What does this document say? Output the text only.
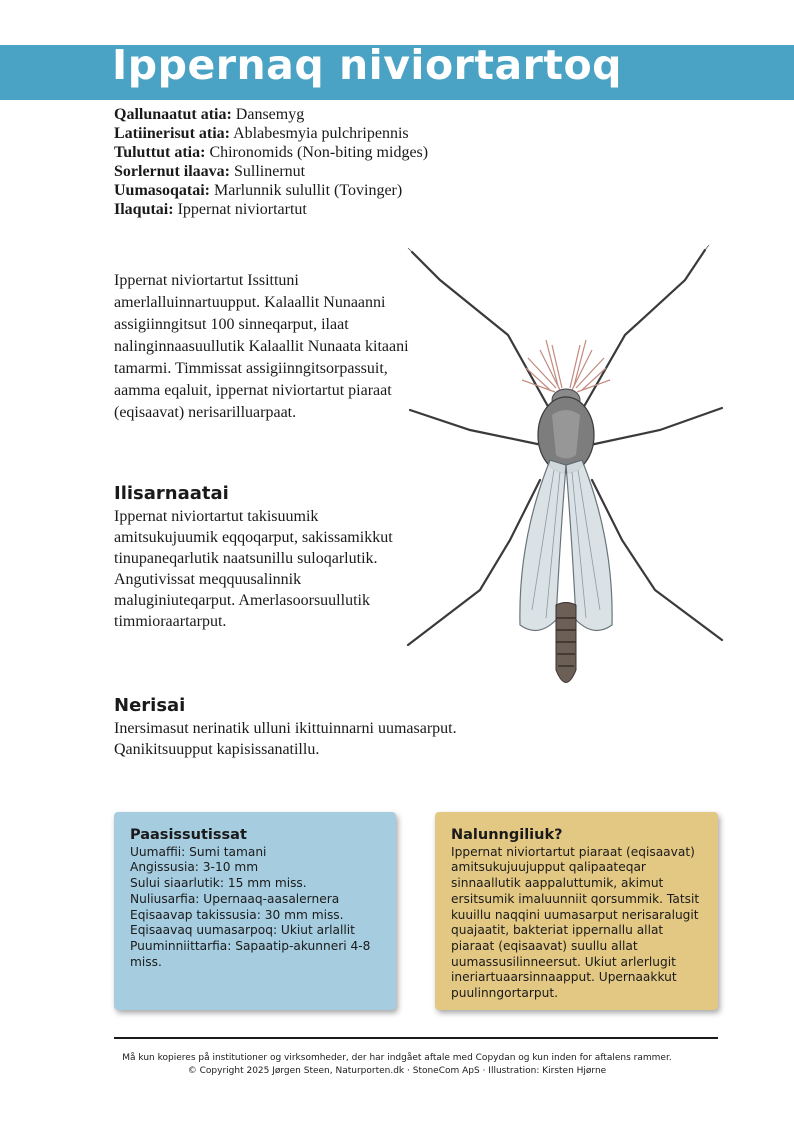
Ippernaq niviortartoq
Qallunaatut atia: Dansemyg
Latiinerisut atia: Ablabesmyia pulchripennis
Tuluttut atia: Chironomids (Non-biting midges)
Sorlernut ilaava: Sullinernut
Uumasoqatai: Marlunnik sulullit (Tovinger)
Ilaqutai: Ippernat niviortartut
Ippernat niviortartut Issittuni amerlalluinnartuupput. Kalaallit Nunaanni assigiinngitsut 100 sinneqarput, ilaat nalinginnaasuullutik Kalaallit Nunaata kitaani tamarmi. Timmissat assigiinngitsorpassuit, aamma eqaluit, ippernat niviortartut piaraat (eqisaavat) nerisarilluarpaat.
Ilisarnaatai
Ippernat niviortartut takisuumik amitsukujuumik eqqoqarput, sakissamikkut tinupaneqarlutik naatsunillu suloqarlutik. Angutivissat meqquusalinnik maluginiuteqarput. Amerlasoorsuullutik timmioraartarput.
Nerisai
Inersimasut nerinatik ulluni ikittuinnarni uumasarput. Qanikitsuupput kapisissanatillu.
Paasissutissat
Uumaffii: Sumi tamani
Angissusia: 3-10 mm
Sului siaarlutik: 15 mm miss.
Nuliusarfia: Upernaaq-aasalernera
Eqisaavap takissusia: 30 mm miss.
Eqisaavaq uumasarpoq: Ukiut arlallit
Puuminniittarfia: Sapaatip-akunneri 4-8 miss.
Nalunngiliuk?
Ippernat niviortartut piaraat (eqisaavat) amitsukujuujupput qalipaateqar sinnaallutik aappaluttumik, akimut ersitsumik imaluunniit qorsummik. Tatsit kuuillu naqqini uumasarput nerisaralugit quajaatit, bakteriat ippernallu allat piaraat (eqisaavat) suullu allat uumassusilinneersut. Ukiut arlerlugit ineriartuaarsinnaapput. Upernaakkut puulinngortarput.
Må kun kopieres på institutioner og virksomheder, der har indgået aftale med Copydan og kun inden for aftalens rammer.
© Copyright 2025 Jørgen Steen, Naturporten.dk · StoneCom ApS · Illustration: Kirsten Hjørne
